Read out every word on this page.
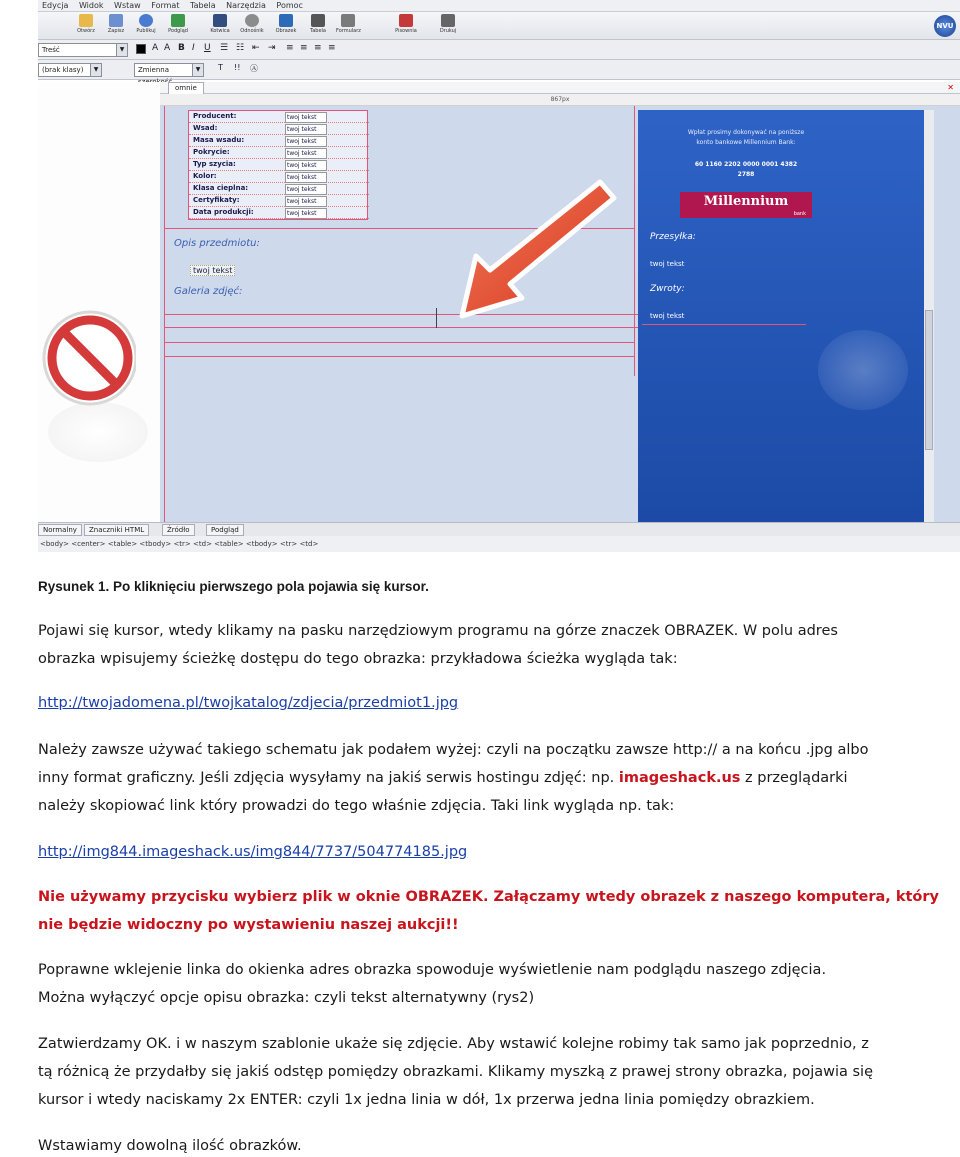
Edycja Widok Wstaw Format Tabela Narzędzia Pomoc
Otwórz	Zapisz	Publikuj	Podgląd	Kotwica	Odnośnik	Obrazek	Tabela	Formularz	Pisownia	Drukuj
NVU
Treść	▼	A A B I U ☰ ☷ ⇤ ⇥ ≡ ≡ ≡ ≡
(brak klasy)	▼	Zmienna	▼	T !! Ⓐ
omnie	✕
867px
Producent:	twoj tekst
Wsad:	twoj tekst
Masa wsadu:	twoj tekst
Pokrycie:	twoj tekst
Typ szycia:	twoj tekst
Kolor:	twoj tekst
Klasa cieplna:	twoj tekst
Certyfikaty:	twoj tekst
Data produkcji:	twoj tekst
Opis przedmiotu:
twoj tekst
Galeria zdjęć:
Wpłat prosimy dokonywać na poniższe
konto bankowe Millennium Bank:
60 1160 2202 0000 0001 4382
2788
Millennium
bank
Przesyłka:
twoj tekst
Zwroty:
twoj tekst
Normalny	Znaczniki HTML	Źródło	Podgląd
<body> <center> <table> <tbody> <tr> <td> <table> <tbody> <tr> <td>
Rysunek 1. Po kliknięciu pierwszego pola pojawia się kursor.
Pojawi się kursor, wtedy klikamy na pasku narzędziowym programu na górze znaczek OBRAZEK. W polu adres
obrazka wpisujemy ścieżkę dostępu do tego obrazka: przykładowa ścieżka wygląda tak:
http://twojadomena.pl/twojkatalog/zdjecia/przedmiot1.jpg
Należy zawsze używać takiego schematu jak podałem wyżej: czyli na początku zawsze http:// a na końcu .jpg albo
inny format graficzny. Jeśli zdjęcia wysyłamy na jakiś serwis hostingu zdjęć: np. imageshack.us z przeglądarki
należy skopiować link który prowadzi do tego właśnie zdjęcia. Taki link wygląda np. tak:
http://img844.imageshack.us/img844/7737/504774185.jpg
Nie używamy przycisku wybierz plik w oknie OBRAZEK. Załączamy wtedy obrazek z naszego komputera, który
nie będzie widoczny po wystawieniu naszej aukcji!!
Poprawne wklejenie linka do okienka adres obrazka spowoduje wyświetlenie nam podglądu naszego zdjęcia.
Można wyłączyć opcje opisu obrazka: czyli tekst alternatywny (rys2)
Zatwierdzamy OK. i w naszym szablonie ukaże się zdjęcie. Aby wstawić kolejne robimy tak samo jak poprzednio, z
tą różnicą że przydałby się jakiś odstęp pomiędzy obrazkami. Klikamy myszką z prawej strony obrazka, pojawia się
kursor i wtedy naciskamy 2x ENTER: czyli 1x jedna linia w dół, 1x przerwa jedna linia pomiędzy obrazkiem.
Wstawiamy dowolną ilość obrazków.
